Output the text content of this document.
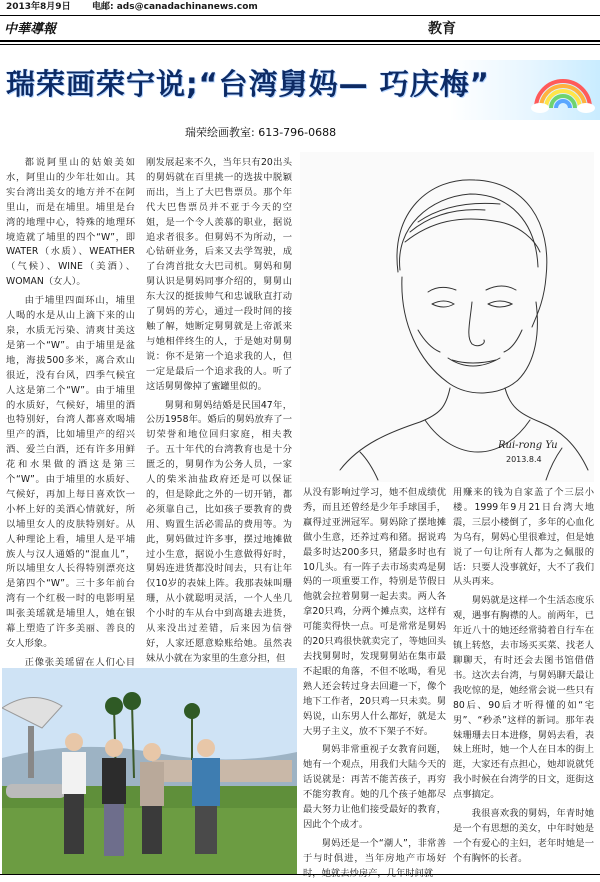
2013年8月9日 电邮: ads@canadachinanews.com
中華導報	教育
瑞荣画荣宁说;“台湾舅妈— 巧庆梅”
瑞荣绘画教室: 613-796-0688

都说阿里山的姑娘美如水，阿里山的少年壮如山。其实台湾出美女的地方并不在阿里山，而是在埔里。埔里是台湾的地理中心，特殊的地理环境造就了埔里的四个“W”，即WATER（水质）、WEATHER（气候）、WINE（美酒）、WOMAN（女人）。

由于埔里四面环山，埔里人喝的水是从山上滴下来的山泉，水质无污染、清爽甘美这是第一个“W”。由于埔里是盆地，海拔500多米，离合欢山很近，没有台风，四季气候宜人这是第二个“W”。由于埔里的水质好，气候好，埔里的酒也特别好，台湾人都喜欢喝埔里产的酒，比如埔里产的绍兴酒、爱兰白酒，还有许多用鲜花和水果做的酒这是第三个“W”。由于埔里的水质好、气候好，再加上每日喜欢饮一小杯上好的美酒心情就好，所以埔里女人的皮肤特别好。从人种理论上看，埔里人是平埔族人与汉人通婚的“混血儿”，所以埔里女人长得特别漂亮这是第四个“W”。三十多年前台湾有一个红极一时的电影明星叫张美瑶就是埔里人，她在银幕上塑造了许多美丽、善良的女人形象。

正像张美瑶留在人们心目

刚发展起来不久，当年只有20出头的舅妈就在百里挑一的选拔中脱颖而出，当上了大巴售票员。那个年代大巴售票员并不亚于今天的空姐，是一个令人羡慕的职业，据说追求者很多。但舅妈不为所动，一心钻研业务，后来又去学驾驶，成了台湾首批女大巴司机。舅妈和舅舅认识是舅妈同事介绍的，舅舅山东大汉的挺拔帅气和忠诚耿直打动了舅妈的芳心，通过一段时间的接触了解，她断定舅舅就是上帝派来与她相伴终生的人，于是她对舅舅说：你不是第一个追求我的人，但一定是最后一个追求我的人。听了这话舅舅像掉了蜜罐里似的。

舅舅和舅妈结婚是民国47年，公历1958年。婚后的舅妈放弃了一切荣誉和地位回归家庭，相夫教子。五十年代的台湾教育也是十分匮乏的，舅舅作为公务人员，一家人的柴米油盐政府还是可以保证的，但是除此之外的一切开销，都必须靠自己，比如孩子要教育的费用、购置生活必需品的费用等。为此，舅妈做过许多事，摆过地摊做过小生意，据说小生意做得好时，舅妈连进货都没时间去，只有让年仅10岁的表妹上阵。我那表妹叫珊珊，从小就聪明灵活，一个人坐几个小时的车从台中到高雄去进货，从来没出过差错，后来因为信誉好，人家还愿意赊账给她。虽然表妹从小就在为家里的生意分担，但

Rui-rong Yu
2013.8.4

从没有影响过学习，她不但成绩优秀，而且还曾经是少年手球国手，赢得过亚洲冠军。舅妈除了摆地摊做小生意，还养过鸡和猪。据说鸡最多时达200多只，猪最多时也有10几头。有一阵子去市场卖鸡是舅妈的一项重要工作，特别是节假日他就会拉着舅舅一起去卖。两人各拿20只鸡，分两个摊点卖，这样有可能卖得快一点。可是常常是舅妈的20只鸡很快就卖完了，等她回头去找舅舅时，发现舅舅站在集市最不起眼的角落，不但不吆喝，看见熟人还会转过身去回避一下，像个地下工作者，20只鸡一只未卖。舅妈说，山东男人什么都好，就是太大男子主义，放不下架子不好。

舅妈非常重视子女教育问题，她有一个观点，用我们大陆今天的话说就是：再苦不能苦孩子，再穷不能穷教育。她的几个孩子她都尽最大努力让他们接受最好的教育，因此个个成才。

舅妈还是一个“潮人”，非常善于与时俱进，当年房地产市场好

用赚来的钱为自家盖了个三层小楼。1999年9月21日台湾大地震，三层小楼倒了，多年的心血化为乌有，舅妈心里很难过，但是她说了一句让所有人都为之佩服的话：只要人没事就好，大不了我们从头再来。

舅妈就是这样一个生活态度乐观，遇事有胸襟的人。前两年，已年近八十的她还经常骑着自行车在镇上转悠，去市场买买菜、找老人聊聊天，有时还会去图书馆借借书。这次去台湾，与舅妈聊天最让我吃惊的是，她经常会说一些只有80后、90后才听得懂的如“宅男”、“秒杀”这样的新词。那年表妹珊珊去日本进修，舅妈去看，表妹上班时，她一个人在日本的街上逛，大家还有点担心，她却说就凭我小时候在台湾学的日文，逛街这点事搞定。

我很喜欢我的舅妈，年青时她是一个有思想的美女，中年时她是一个有爱心的主妇，老年时她是一个有胸怀的长者。
